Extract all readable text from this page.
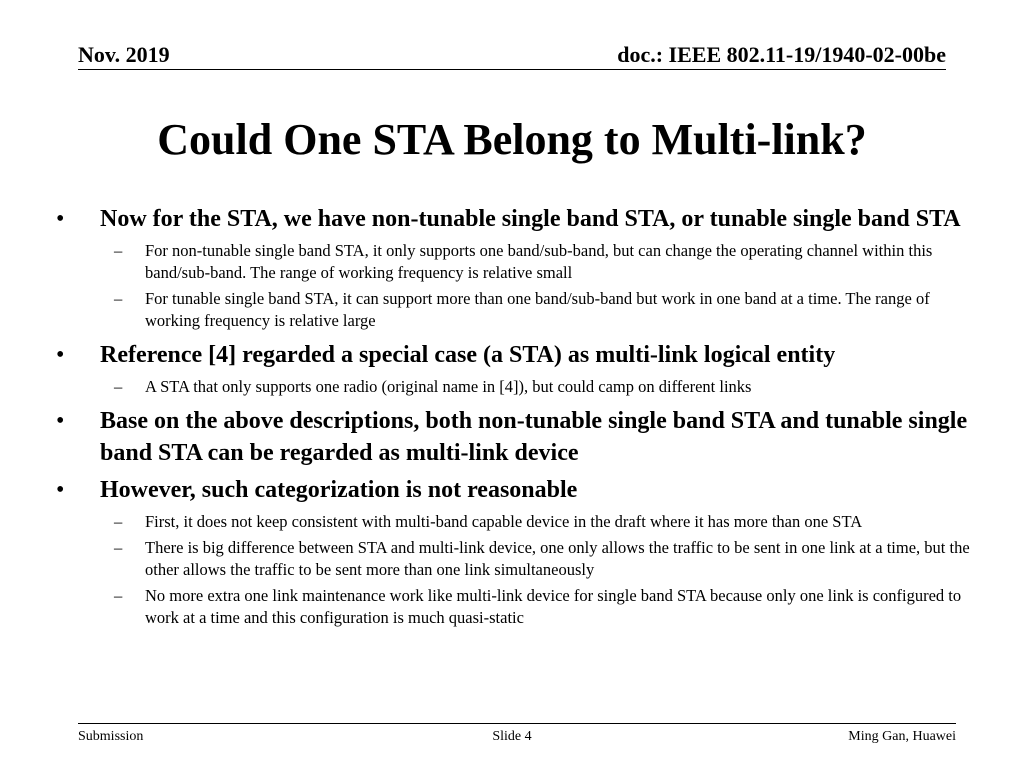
Nov. 2019	doc.: IEEE 802.11-19/1940-02-00be
Could One STA Belong to Multi-link?
•	Now for the STA, we have non-tunable single band STA, or tunable single band STA
– For non-tunable single band STA, it only supports one band/sub-band, but can change the operating channel within this band/sub-band. The range of working frequency is relative small
– For tunable single band STA, it can support more than one band/sub-band but work in one band at a time. The range of working frequency is relative large
•	Reference [4] regarded a special case (a STA) as multi-link logical entity
– A STA that only supports one radio (original name in [4]), but could camp on different links
•	Base on the above descriptions, both non-tunable single band STA and tunable single band STA can be regarded as multi-link device
•	However, such categorization is not reasonable
– First, it does not keep consistent with multi-band capable device in the draft where it has more than one STA
– There is big difference between STA and multi-link device, one only allows the traffic to be sent in one link at a time, but the other allows the traffic to be sent more than one link simultaneously
– No more extra one link maintenance work like multi-link device for single band STA because only one link is configured to work at a time and this configuration is much quasi-static
Submission	Slide 4	Ming Gan, Huawei
